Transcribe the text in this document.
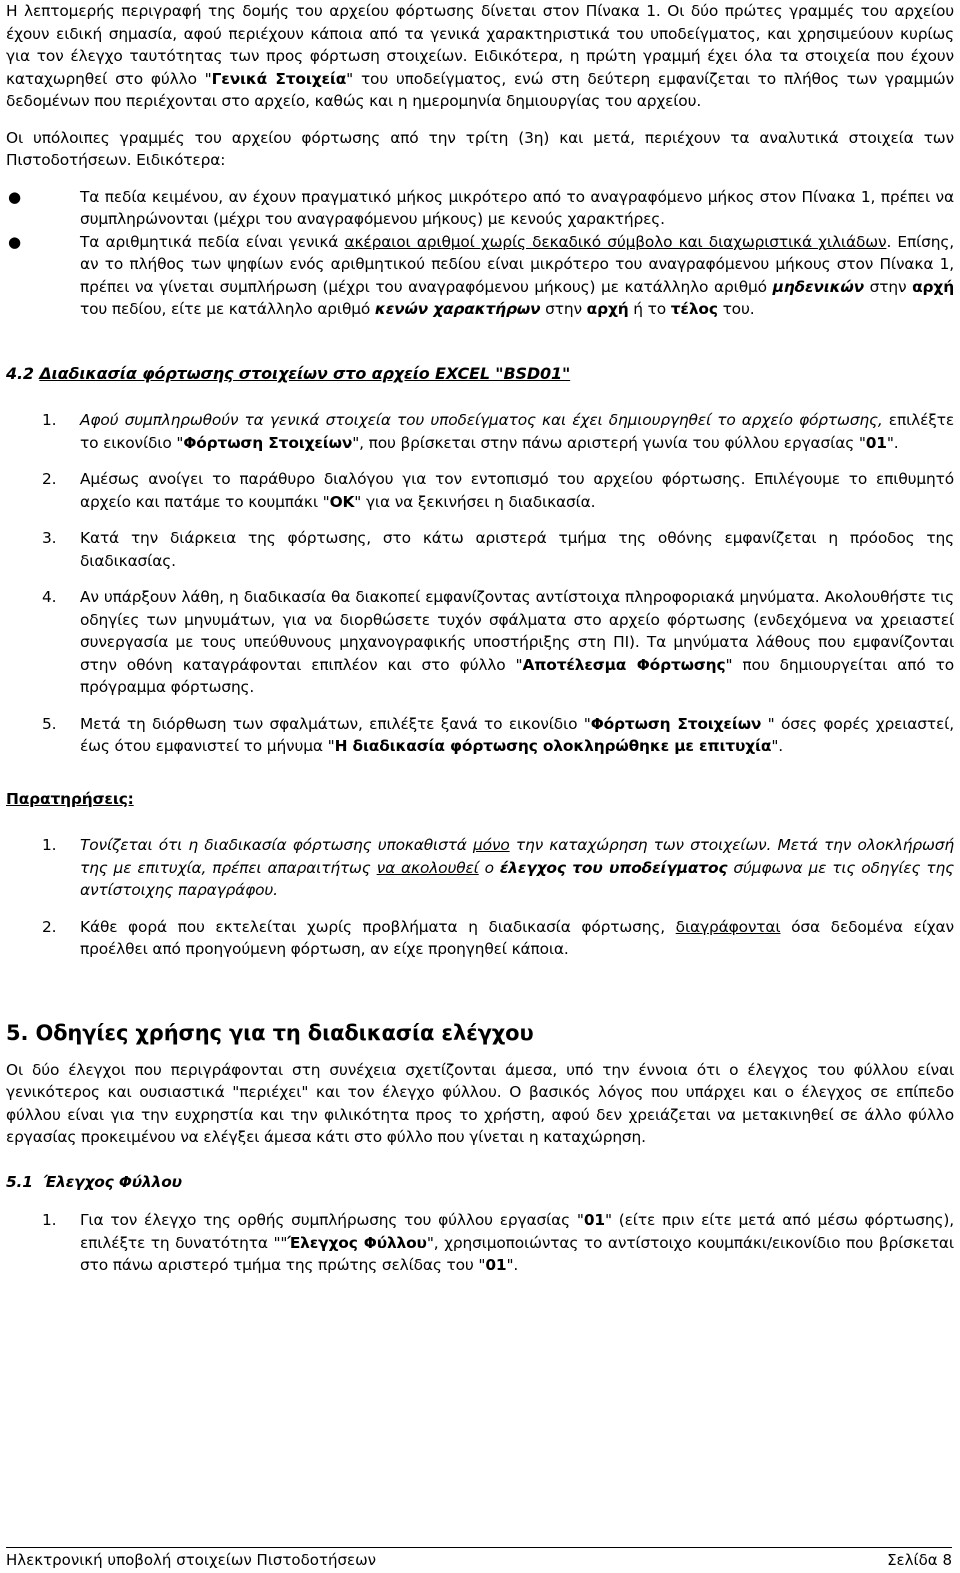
Η λεπτομερής περιγραφή της δομής του αρχείου φόρτωσης δίνεται στον Πίνακα 1. Οι δύο πρώτες γραμμές του αρχείου έχουν ειδική σημασία, αφού περιέχουν κάποια από τα γενικά χαρακτηριστικά του υποδείγματος, και χρησιμεύουν κυρίως για τον έλεγχο ταυτότητας των προς φόρτωση στοιχείων. Ειδικότερα, η πρώτη γραμμή έχει όλα τα στοιχεία που έχουν καταχωρηθεί στο φύλλο "Γενικά Στοιχεία" του υποδείγματος, ενώ στη δεύτερη εμφανίζεται το πλήθος των γραμμών δεδομένων που περιέχονται στο αρχείο, καθώς και η ημερομηνία δημιουργίας του αρχείου.

Οι υπόλοιπες γραμμές του αρχείου φόρτωσης από την τρίτη (3η) και μετά, περιέχουν τα αναλυτικά στοιχεία των Πιστοδοτήσεων. Ειδικότερα:

●	Τα πεδία κειμένου, αν έχουν πραγματικό μήκος μικρότερο από το αναγραφόμενο μήκος στον Πίνακα 1, πρέπει να συμπληρώνονται (μέχρι του αναγραφόμενου μήκους) με κενούς χαρακτήρες.
●	Τα αριθμητικά πεδία είναι γενικά ακέραιοι αριθμοί χωρίς δεκαδικό σύμβολο και διαχωριστικά χιλιάδων. Επίσης, αν το πλήθος των ψηφίων ενός αριθμητικού πεδίου είναι μικρότερο του αναγραφόμενου μήκους στον Πίνακα 1, πρέπει να γίνεται συμπλήρωση (μέχρι του αναγραφόμενου μήκους) με κατάλληλο αριθμό μηδενικών στην αρχή του πεδίου, είτε με κατάλληλο αριθμό κενών χαρακτήρων στην αρχή ή το τέλος του.
4.2 Διαδικασία φόρτωσης στοιχείων στο αρχείο EXCEL "BSD01"
1. Αφού συμπληρωθούν τα γενικά στοιχεία του υποδείγματος και έχει δημιουργηθεί το αρχείο φόρτωσης, επιλέξτε το εικονίδιο "Φόρτωση Στοιχείων", που βρίσκεται στην πάνω αριστερή γωνία του φύλλου εργασίας "01".
2. Αμέσως ανοίγει το παράθυρο διαλόγου για τον εντοπισμό του αρχείου φόρτωσης. Επιλέγουμε το επιθυμητό αρχείο και πατάμε το κουμπάκι "OK" για να ξεκινήσει η διαδικασία.
3. Κατά την διάρκεια της φόρτωσης, στο κάτω αριστερά τμήμα της οθόνης εμφανίζεται η πρόοδος της διαδικασίας.
4. Αν υπάρξουν λάθη, η διαδικασία θα διακοπεί εμφανίζοντας αντίστοιχα πληροφοριακά μηνύματα. Ακολουθήστε τις οδηγίες των μηνυμάτων, για να διορθώσετε τυχόν σφάλματα στο αρχείο φόρτωσης (ενδεχόμενα να χρειαστεί συνεργασία με τους υπεύθυνους μηχανογραφικής υποστήριξης στη ΠΙ). Τα μηνύματα λάθους που εμφανίζονται στην οθόνη καταγράφονται επιπλέον και στο φύλλο "Αποτέλεσμα Φόρτωσης" που δημιουργείται από το πρόγραμμα φόρτωσης.
5. Μετά τη διόρθωση των σφαλμάτων, επιλέξτε ξανά το εικονίδιο "Φόρτωση Στοιχείων " όσες φορές χρειαστεί, έως ότου εμφανιστεί το μήνυμα "Η διαδικασία φόρτωσης ολοκληρώθηκε με επιτυχία".

Παρατηρήσεις:

1. Τονίζεται ότι η διαδικασία φόρτωσης υποκαθιστά μόνο την καταχώρηση των στοιχείων. Μετά την ολοκλήρωσή της με επιτυχία, πρέπει απαραιτήτως να ακολουθεί ο έλεγχος του υποδείγματος σύμφωνα με τις οδηγίες της αντίστοιχης παραγράφου.
2. Κάθε φορά που εκτελείται χωρίς προβλήματα η διαδικασία φόρτωσης, διαγράφονται όσα δεδομένα είχαν προέλθει από προηγούμενη φόρτωση, αν είχε προηγηθεί κάποια.
5. Οδηγίες χρήσης για τη διαδικασία ελέγχου

Οι δύο έλεγχοι που περιγράφονται στη συνέχεια σχετίζονται άμεσα, υπό την έννοια ότι ο έλεγχος του φύλλου είναι γενικότερος και ουσιαστικά "περιέχει" και τον έλεγχο φύλλου. Ο βασικός λόγος που υπάρχει και ο έλεγχος σε επίπεδο φύλλου είναι για την ευχρηστία και την φιλικότητα προς το χρήστη, αφού δεν χρειάζεται να μετακινηθεί σε άλλο φύλλο εργασίας προκειμένου να ελέγξει άμεσα κάτι στο φύλλο που γίνεται η καταχώρηση.

5.1 Έλεγχος Φύλλου
1. Για τον έλεγχο της ορθής συμπλήρωσης του φύλλου εργασίας "01" (είτε πριν είτε μετά από μέσω φόρτωσης), επιλέξτε τη δυνατότητα ""Έλεγχος Φύλλου", χρησιμοποιώντας το αντίστοιχο κουμπάκι/εικονίδιο που βρίσκεται στο πάνω αριστερό τμήμα της πρώτης σελίδας του "01".
Ηλεκτρονική υποβολή στοιχείων Πιστοδοτήσεων	Σελίδα 8
